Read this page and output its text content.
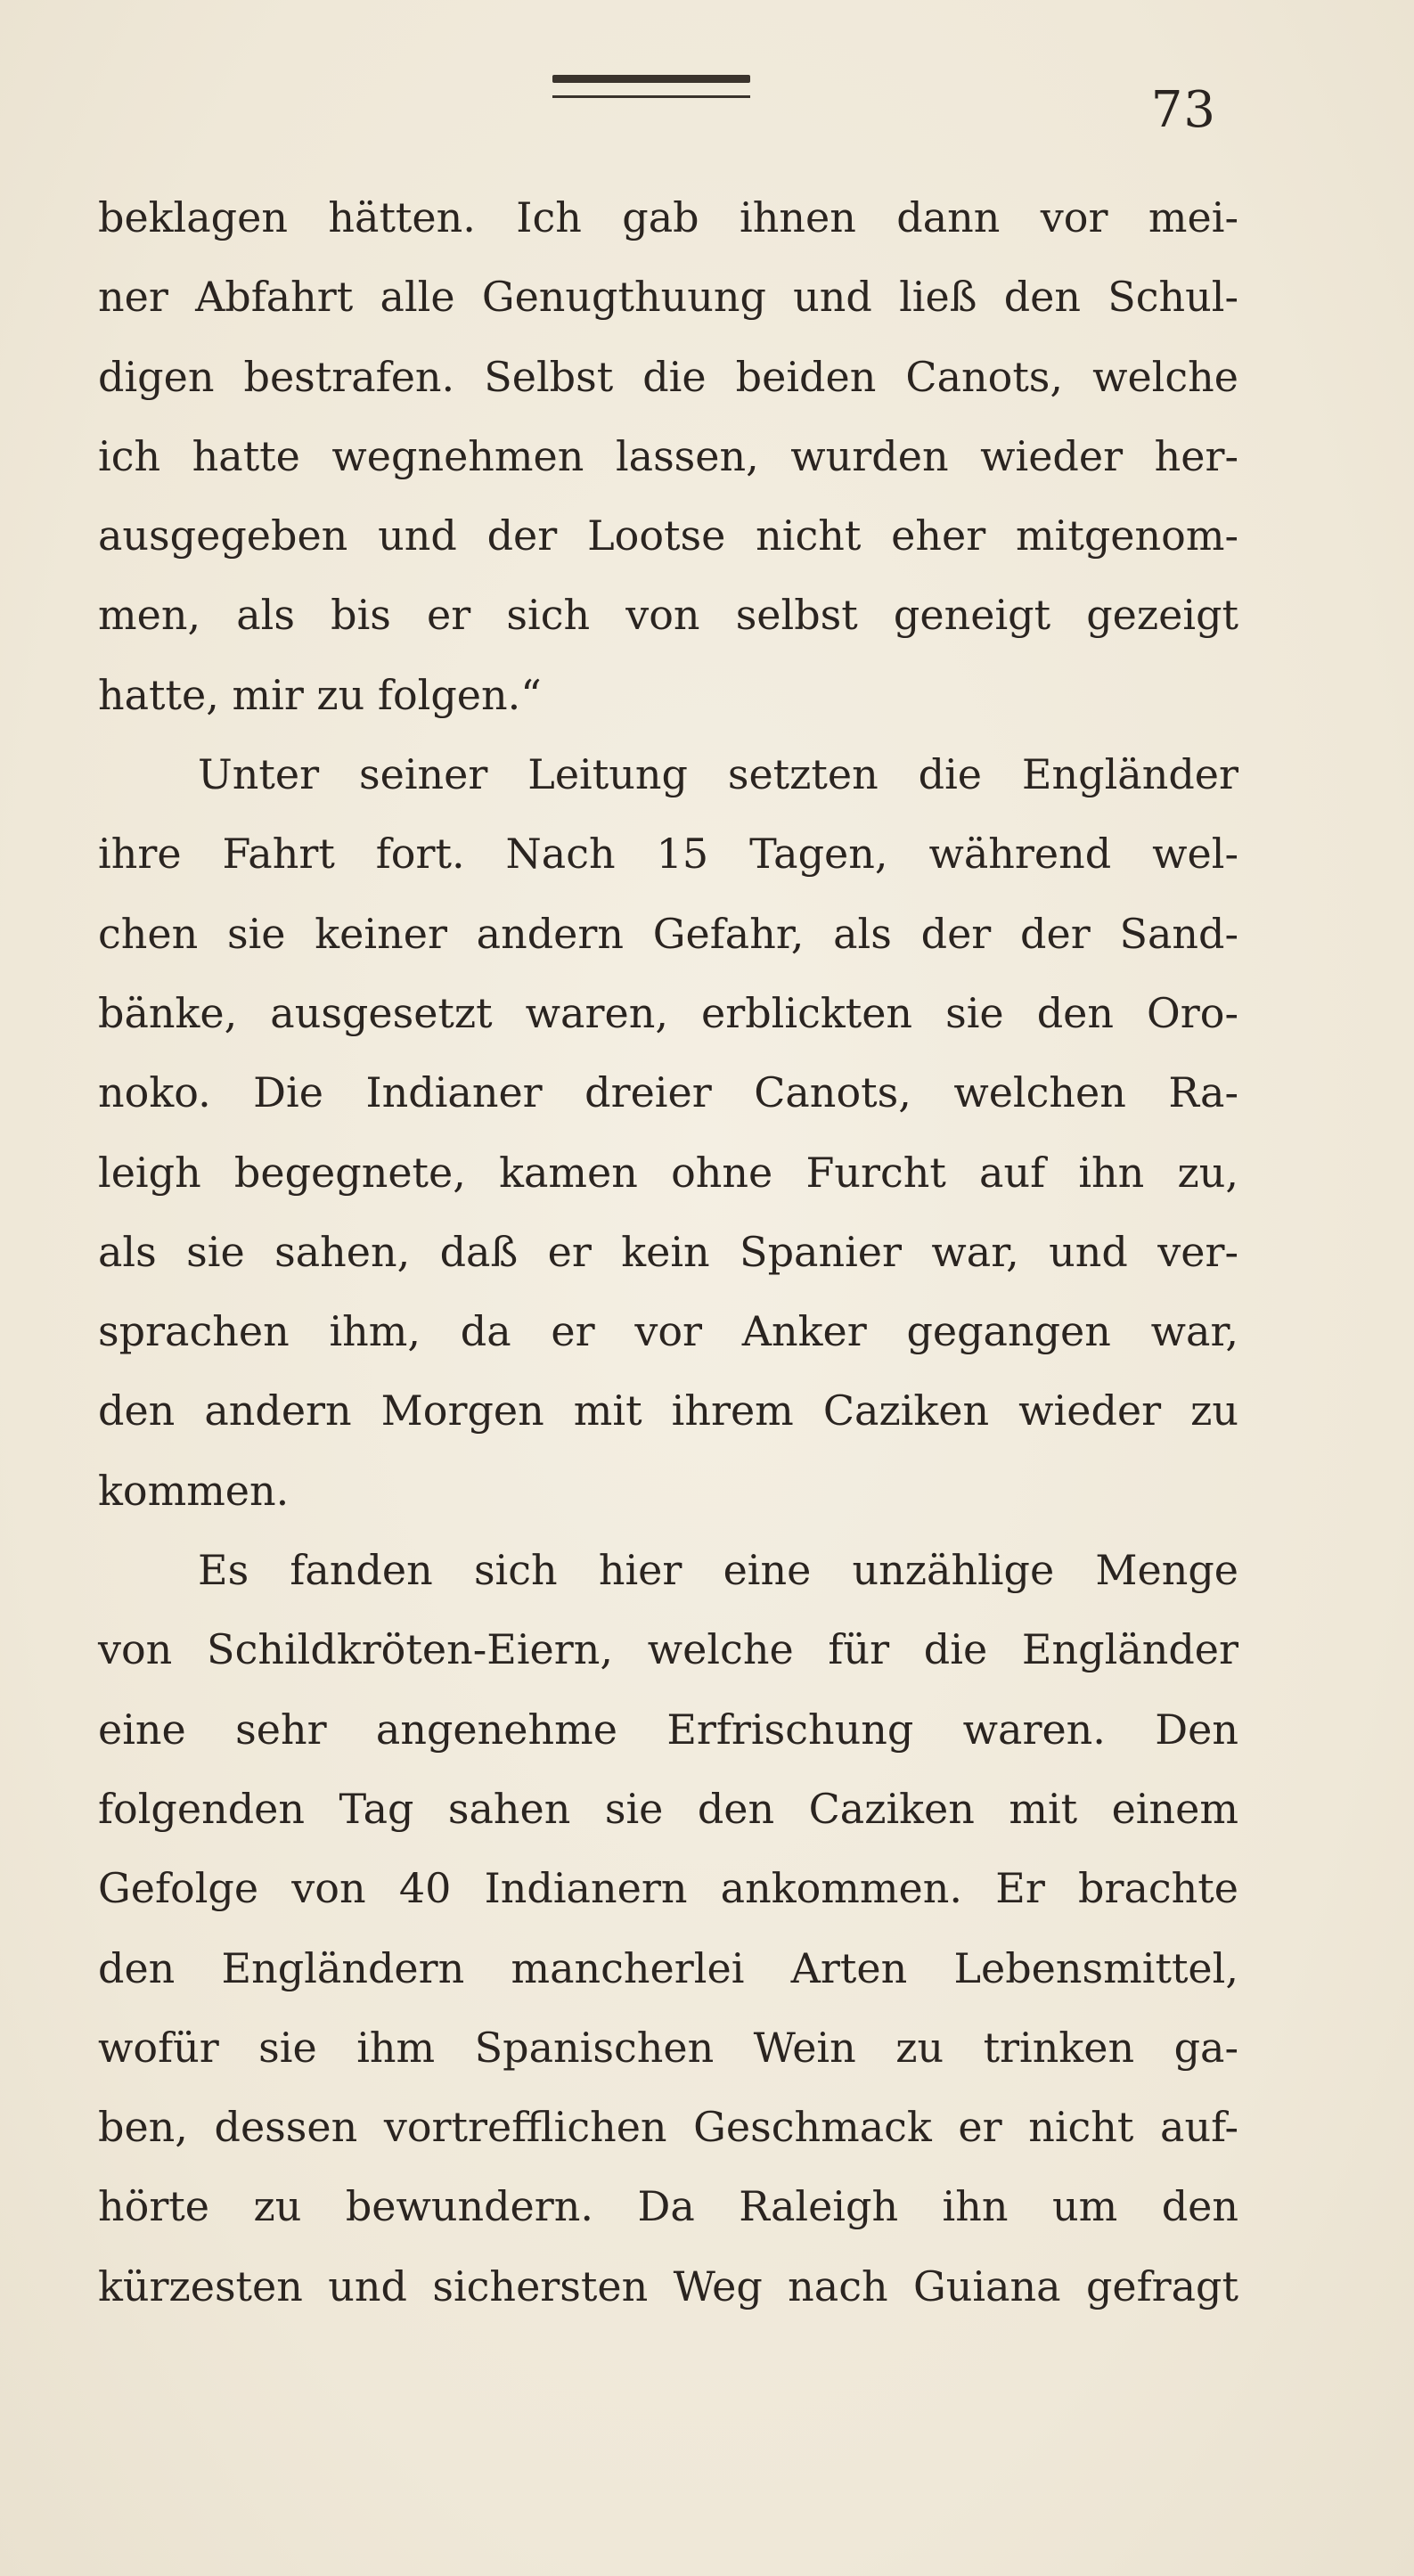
73
beklagen hätten. Ich gab ihnen dann vor mei-
ner Abfahrt alle Genugthuung und ließ den Schul-
digen bestrafen. Selbst die beiden Canots, welche
ich hatte wegnehmen lassen, wurden wieder her-
ausgegeben und der Lootse nicht eher mitgenom-
men, als bis er sich von selbst geneigt gezeigt
hatte, mir zu folgen.“
Unter seiner Leitung setzten die Engländer
ihre Fahrt fort. Nach 15 Tagen, während wel-
chen sie keiner andern Gefahr, als der der Sand-
bänke, ausgesetzt waren, erblickten sie den Oro-
noko. Die Indianer dreier Canots, welchen Ra-
leigh begegnete, kamen ohne Furcht auf ihn zu,
als sie sahen, daß er kein Spanier war, und ver-
sprachen ihm, da er vor Anker gegangen war,
den andern Morgen mit ihrem Caziken wieder zu
kommen.
Es fanden sich hier eine unzählige Menge
von Schildkröten-Eiern, welche für die Engländer
eine sehr angenehme Erfrischung waren. Den
folgenden Tag sahen sie den Caziken mit einem
Gefolge von 40 Indianern ankommen. Er brachte
den Engländern mancherlei Arten Lebensmittel,
wofür sie ihm Spanischen Wein zu trinken ga-
ben, dessen vortrefflichen Geschmack er nicht auf-
hörte zu bewundern. Da Raleigh ihn um den
kürzesten und sichersten Weg nach Guiana gefragt
